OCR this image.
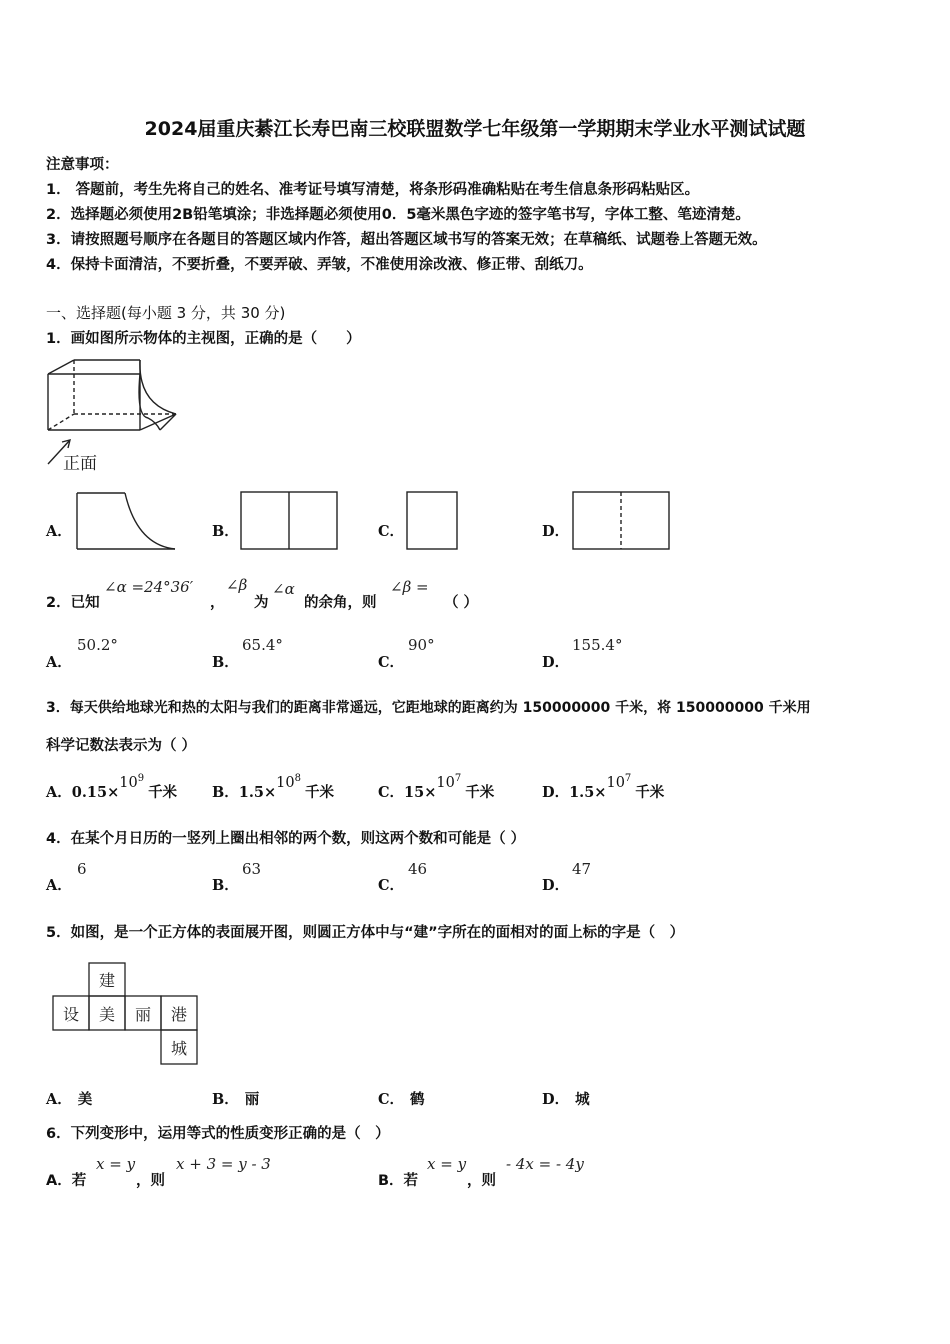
2024届重庆綦江长寿巴南三校联盟数学七年级第一学期期末学业水平测试试题
注意事项：
1． 答题前，考生先将自己的姓名、准考证号填写清楚，将条形码准确粘贴在考生信息条形码粘贴区。
2．选择题必须使用2B铅笔填涂；非选择题必须使用0．5毫米黑色字迹的签字笔书写，字体工整、笔迹清楚。
3．请按照题号顺序在各题目的答题区域内作答，超出答题区域书写的答案无效；在草稿纸、试题卷上答题无效。
4．保持卡面清洁，不要折叠，不要弄破、弄皱，不准使用涂改液、修正带、刮纸刀。
一、选择题(每小题 3 分，共 30 分)
1．画如图所示物体的主视图，正确的是（　　）
正面
A．	B．	C．	D．
2．已知
∠α =24°36′
，
∠β
为
∠α
的余角，则
∠β =
（ ）
A．
50.2°
B．
65.4°
C．
90°
D．
155.4°
3．每天供给地球光和热的太阳与我们的距离非常遥远，它距地球的距离约为 150000000 千米，将 150000000 千米用
科学记数法表示为（ ）
A．$0.15\times 10^9$千米 B．$1.5\times 10^8$千米	C．$15\times 10^7$千米	D．$1.5\times 10^7$千米
4．在某个月日历的一竖列上圈出相邻的两个数，则这两个数和可能是（ ）
A．
6
B．
63
C．
46
D．
47
5．如图，是一个正方体的表面展开图，则圆正方体中与“建”字所在的面相对的面上标的字是（　）
建
设 美 丽 港
城
A． 美	B． 丽	C． 鹤	D． 城
6．下列变形中，运用等式的性质变形正确的是（　）
A．若
x = y
，则
x + 3 = y - 3
B．若
x = y
，则
- 4x = - 4y
